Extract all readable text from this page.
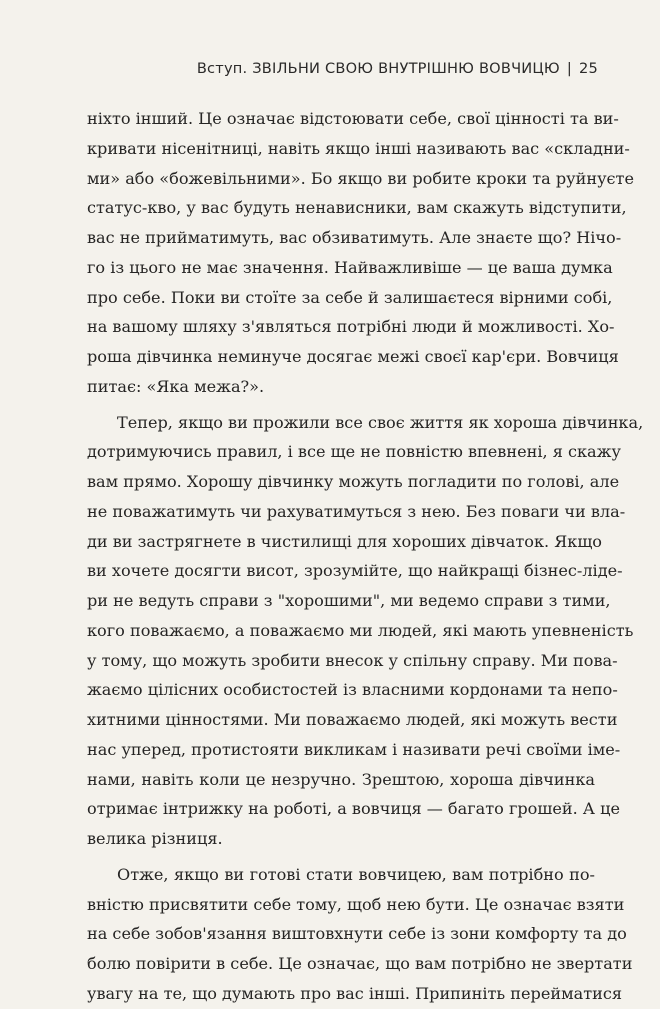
Вступ. ЗВІЛЬНИ СВОЮ ВНУТРІШНЮ ВОВЧИЦЮ | 25
ніхто інший. Це означає відстоювати себе, свої цінності та ви-
кривати нісенітниці, навіть якщо інші називають вас «складни-
ми» або «божевільними». Бо якщо ви робите кроки та руйнуєте
статус-кво, у вас будуть ненависники, вам скажуть відступити,
вас не прийматимуть, вас обзиватимуть. Але знаєте що? Нічо-
го із цього не має значення. Найважливіше — це ваша думка
про себе. Поки ви стоїте за себе й залишаєтеся вірними собі,
на вашому шляху з'являться потрібні люди й можливості. Хо-
роша дівчинка неминуче досягає межі своєї кар'єри. Вовчиця
питає: «Яка межа?».
Тепер, якщо ви прожили все своє життя як хороша дівчинка,
дотримуючись правил, і все ще не повністю впевнені, я скажу
вам прямо. Хорошу дівчинку можуть погладити по голові, але
не поважатимуть чи рахуватимуться з нею. Без поваги чи вла-
ди ви застрягнете в чистилищі для хороших дівчаток. Якщо
ви хочете досягти висот, зрозумійте, що найкращі бізнес-лідe-
ри не ведуть справи з "хорошими", ми ведемо справи з тими,
кого поважаємо, а поважаємо ми людей, які мають упевненість
у тому, що можуть зробити внесок у спільну справу. Ми пова-
жаємо цілісних особистостей із власними кордонами та непо-
хитними цінностями. Ми поважаємо людей, які можуть вести
нас уперед, протистояти викликам і називати речі своїми іме-
нами, навіть коли це незручно. Зрештою, хороша дівчинка
отримає інтрижку на роботі, а вовчиця — багато грошей. А це
велика різниця.
Отже, якщо ви готові стати вовчицею, вам потрібно по-
вністю присвятити себе тому, щоб нею бути. Це означає взяти
на себе зобов'язання виштовхнути себе із зони комфорту та до
болю повірити в себе. Це означає, що вам потрібно не звертати
увагу на те, що думають про вас інші. Припиніть перейматися
